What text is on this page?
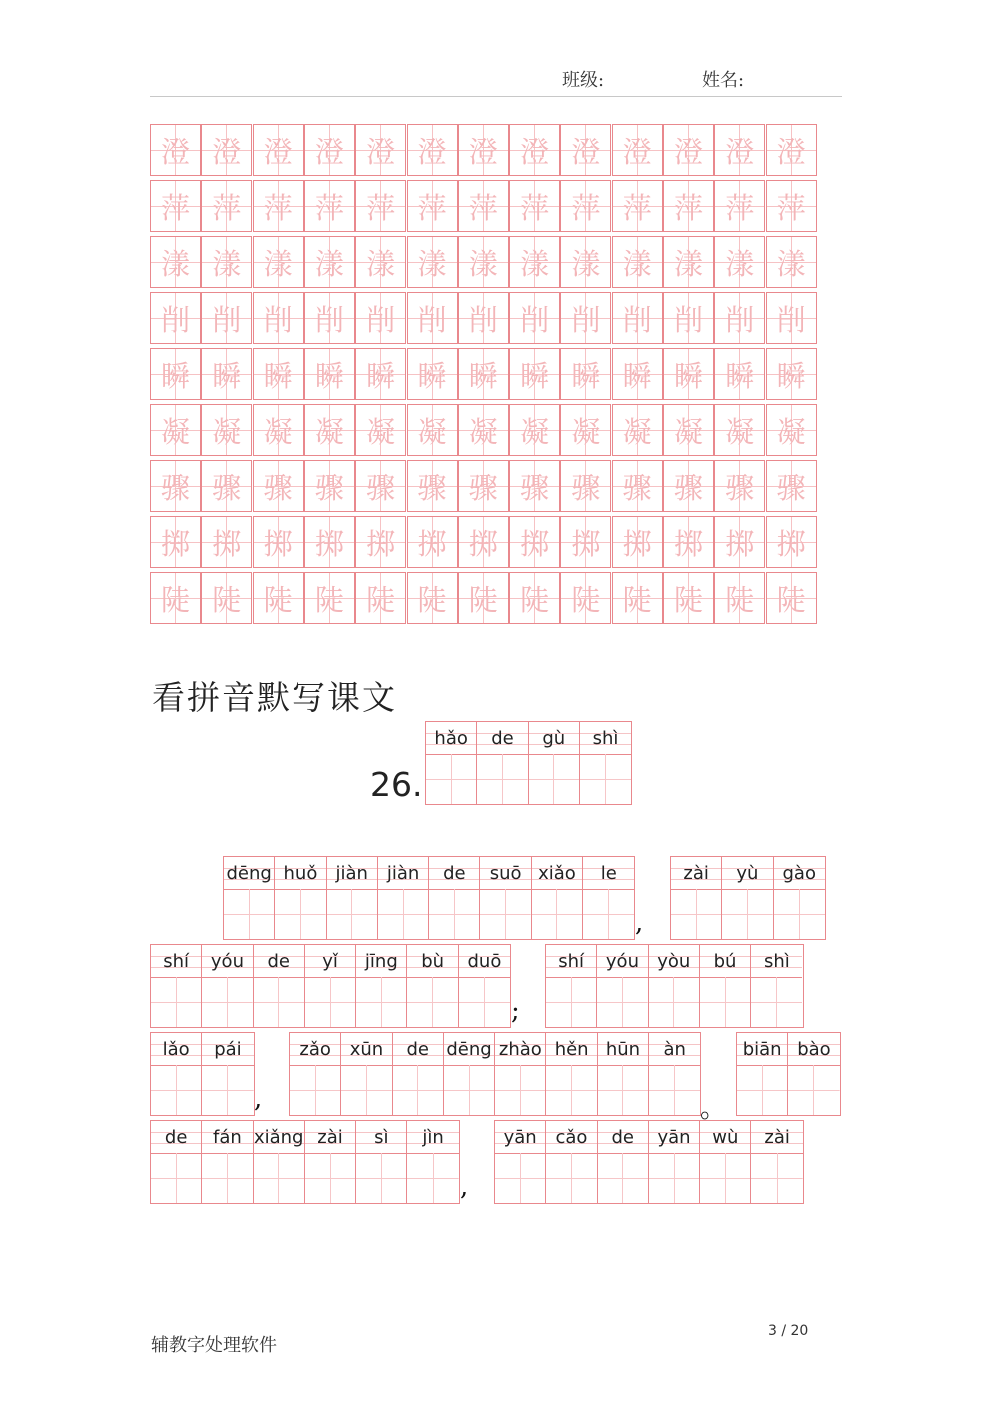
班级:	姓名:
澄 澄 澄 澄 澄 澄 澄 澄 澄 澄 澄 澄 澄
萍 萍 萍 萍 萍 萍 萍 萍 萍 萍 萍 萍 萍
漾 漾 漾 漾 漾 漾 漾 漾 漾 漾 漾 漾 漾
削 削 削 削 削 削 削 削 削 削 削 削 削
瞬 瞬 瞬 瞬 瞬 瞬 瞬 瞬 瞬 瞬 瞬 瞬 瞬
凝 凝 凝 凝 凝 凝 凝 凝 凝 凝 凝 凝 凝
骤 骤 骤 骤 骤 骤 骤 骤 骤 骤 骤 骤 骤
掷 掷 掷 掷 掷 掷 掷 掷 掷 掷 掷 掷 掷
陡 陡 陡 陡 陡 陡 陡 陡 陡 陡 陡 陡 陡
看拼音默写课文
26.
hǎo	de	gù	shì
dēng huǒ	jiàn	jiàn	de	suō xiǎo	le	zài	yù	gào
shí	yóu	de	yǐ	jīng	bù	duō	shí	yóu	yòu	bú	shì
lǎo	pái	zǎo	xūn	de dēng zhào hěn hūn	àn	biān bào
de	fán xiǎng zài	sì	jìn	yān	cǎo	de	yān	wù	zài
,
;
,	。
,
辅教字处理软件
3 / 20
